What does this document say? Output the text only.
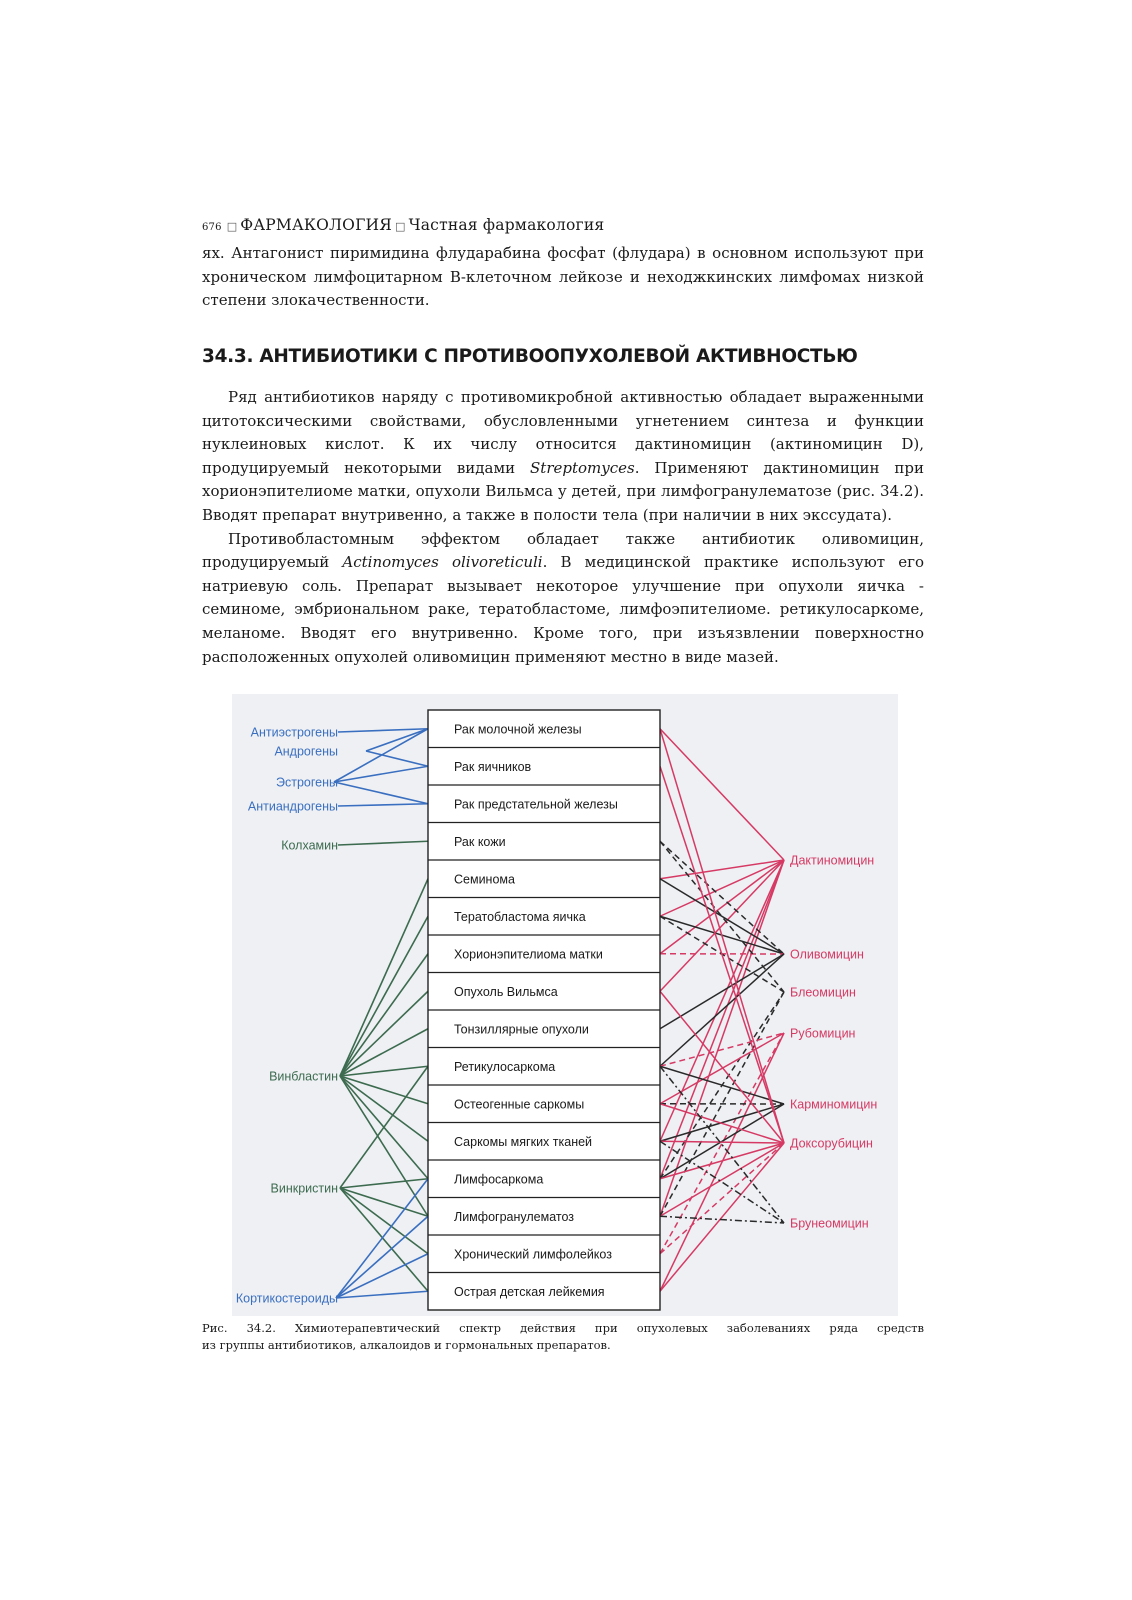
676 □ ФАРМАКОЛОГИЯ □ Частная фармакология

ях. Антагонист пиримидина флударабина фосфат (флудара) в основном используют при хроническом лимфоцитарном В-клеточном лейкозе и неходжкинских лимфомах низкой степени злокачественности.

34.3. АНТИБИОТИКИ С ПРОТИВООПУХОЛЕВОЙ АКТИВНОСТЬЮ

Ряд антибиотиков наряду с противомикробной активностью обладает выраженными цитотоксическими свойствами, обусловленными угнетением синтеза и функции нуклеиновых кислот. К их числу относится дактиномицин (актиномицин D), продуцируемый некоторыми видами Streptomyces. Применяют дактиномицин при хорионэпителиоме матки, опухоли Вильмса у детей, при лимфогранулематозе (рис. 34.2). Вводят препарат внутривенно, а также в полости тела (при наличии в них экссудата).

Противобластомным эффектом обладает также антибиотик оливомицин, продуцируемый Actinomyces olivoreticuli. В медицинской практике используют его натриевую соль. Препарат вызывает некоторое улучшение при опухоли яичка - семиноме, эмбриональном раке, тератобластоме, лимфоэпителиоме. ретикулосаркоме, меланоме. Вводят его внутривенно. Кроме того, при изъязвлении поверхностно расположенных опухолей оливомицин применяют местно в виде мазей.

Рак молочной железы
Рак яичников
Рак предстательной железы
Рак кожи
Семинома
Тератобластома яичка
Хорионэпителиома матки
Опухоль Вильмса
Тонзиллярные опухоли
Ретикулосаркома
Остеогенные саркомы
Саркомы мягких тканей
Лимфосаркома
Лимфогранулематоз
Хронический лимфолейкоз
Острая детская лейкемия
Антиэстрогены
Андрогены
Эстрогены
Антиандрогены
Колхамин
Винбластин
Винкристин
Кортикостероиды
Дактиномицин
Оливомицин
Блеомицин
Рубомицин
Карминомицин
Доксорубицин
Брунеомицин
Рис. 34.2. Химиотерапевтический спектр действия при опухолевых заболеваниях ряда средств
из группы антибиотиков, алкалоидов и гормональных препаратов.
